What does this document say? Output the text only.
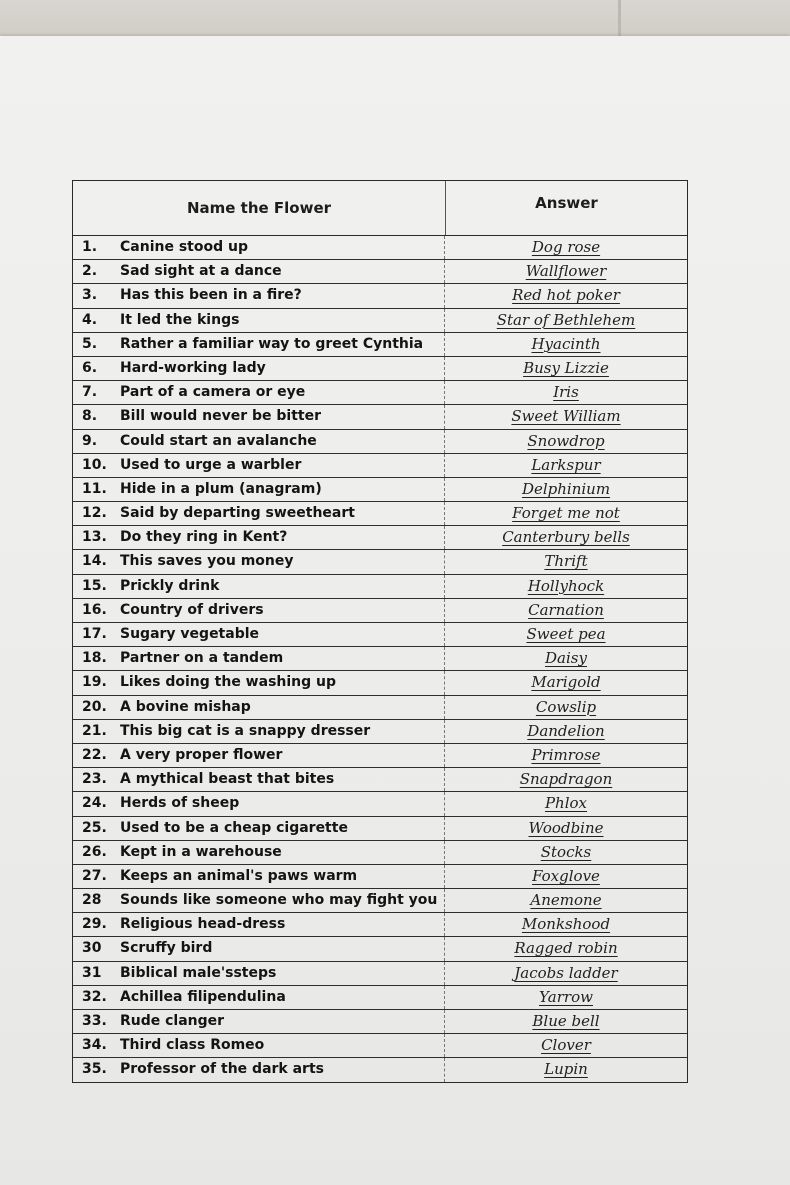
Name the Flower	Answer
1.	Canine stood up	Dog rose
2.	Sad sight at a dance	Wallflower
3.	Has this been in a fire?	Red hot poker
4.	It led the kings	Star of Bethlehem
5.	Rather a familiar way to greet Cynthia	Hyacinth
6.	Hard-working lady	Busy Lizzie
7.	Part of a camera or eye	Iris
8.	Bill would never be bitter	Sweet William
9.	Could start an avalanche	Snowdrop
10. Used to urge a warbler	Larkspur
11. Hide in a plum (anagram)	Delphinium
12. Said by departing sweetheart	Forget me not
13. Do they ring in Kent?	Canterbury bells
14. This saves you money	Thrift
15. Prickly drink	Hollyhock
16. Country of drivers	Carnation
17. Sugary vegetable	Sweet pea
18. Partner on a tandem	Daisy
19. Likes doing the washing up	Marigold
20. A bovine mishap	Cowslip
21. This big cat is a snappy dresser	Dandelion
22. A very proper flower	Primrose
23. A mythical beast that bites	Snapdragon
24. Herds of sheep	Phlox
25. Used to be a cheap cigarette	Woodbine
26. Kept in a warehouse	Stocks
27. Keeps an animal's paws warm	Foxglove
28	Sounds like someone who may fight you	Anemone
29. Religious head-dress	Monkshood
30	Scruffy bird	Ragged robin
31	Biblical male'ssteps	Jacobs ladder
32. Achillea filipendulina	Yarrow
33. Rude clanger	Blue bell
34. Third class Romeo	Clover
35. Professor of the dark arts	Lupin
